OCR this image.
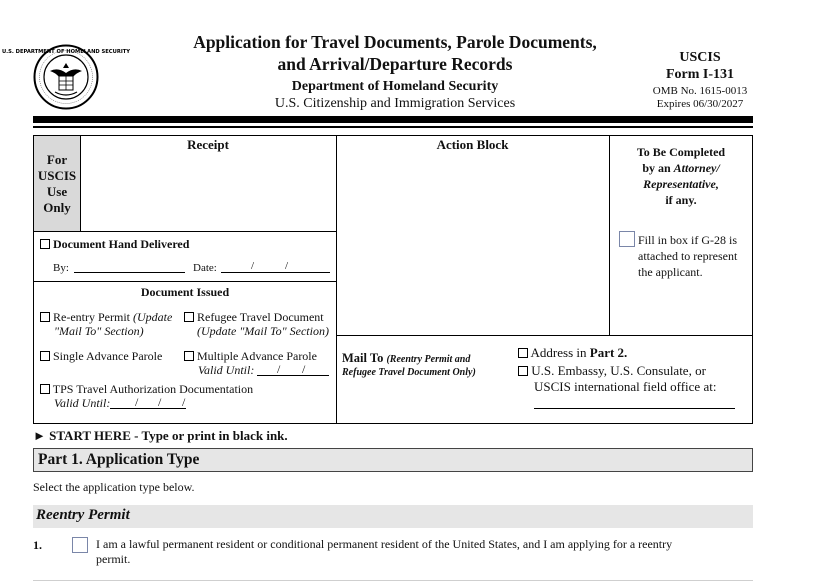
U.S. DEPARTMENT OF HOMELAND SECURITY	Application for Travel Documents, Parole Documents,
and Arrival/Departure Records
Department of Homeland Security
U.S. Citizenship and Immigration Services
USCIS
Form I-131
OMB No. 1615-0013
Expires 06/30/2027
For
USCIS
Use
Only
Receipt	Action Block	To Be Completed
by an Attorney/
Representative,
if any.
Fill in box if G-28 is
attached to represent
the applicant.
Document Hand Delivered
By:	Date:	/	/
Document Issued
Re-entry Permit (Update
"Mail To" Section)
Refugee Travel Document
(Update "Mail To" Section)
Single Advance Parole	Multiple Advance Parole
Valid Until: / /
TPS Travel Authorization Documentation
Valid Until: / / /
Mail To (Reentry Permit and
Refugee Travel Document Only)
Address in Part 2.
U.S. Embassy, U.S. Consulate, or
USCIS international field office at:
► START HERE - Type or print in black ink.
Part 1. Application Type
Select the application type below.
Reentry Permit
1.	I am a lawful permanent resident or conditional permanent resident of the United States, and I am applying for a reentry
permit.
